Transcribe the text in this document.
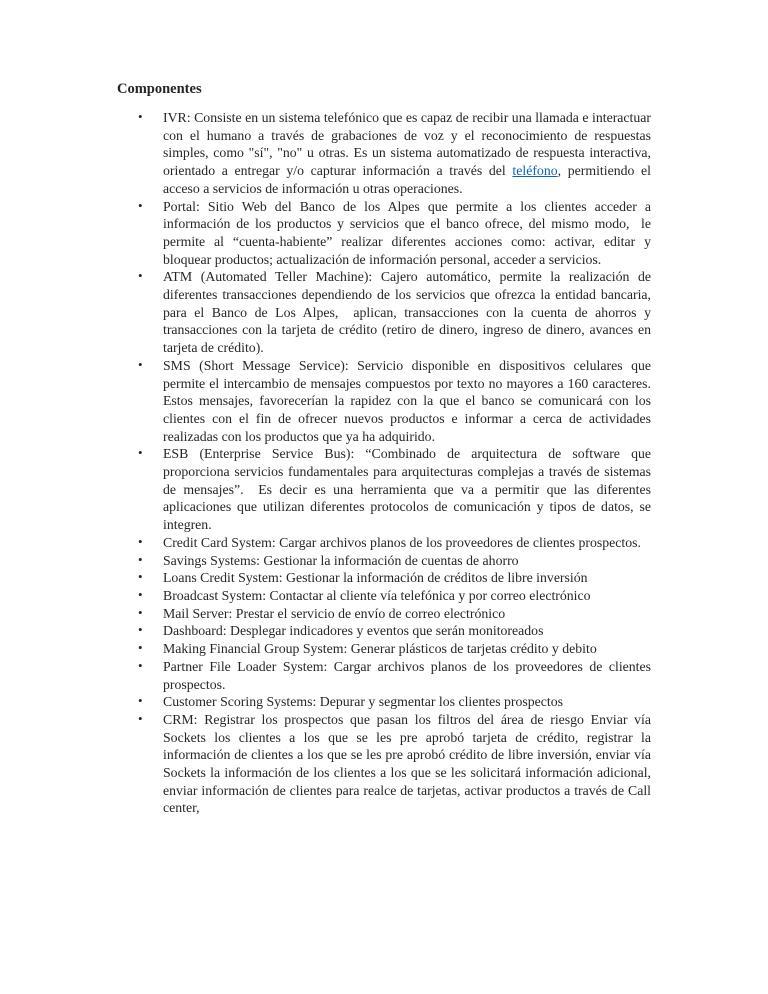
Componentes
• IVR: Consiste en un sistema telefónico que es capaz de recibir una llamada e interactuar con el humano a través de grabaciones de voz y el reconocimiento de respuestas simples, como "sí", "no" u otras. Es un sistema automatizado de respuesta interactiva, orientado a entregar y/o capturar información a través del teléfono, permitiendo el acceso a servicios de información u otras operaciones.
• Portal: Sitio Web del Banco de los Alpes que permite a los clientes acceder a información de los productos y servicios que el banco ofrece, del mismo modo,  le permite al “cuenta-habiente” realizar diferentes acciones como: activar, editar y bloquear productos; actualización de información personal, acceder a servicios.
• ATM (Automated Teller Machine): Cajero automático, permite la realización de diferentes transacciones dependiendo de los servicios que ofrezca la entidad bancaria, para el Banco de Los Alpes,  aplican, transacciones con la cuenta de ahorros y transacciones con la tarjeta de crédito (retiro de dinero, ingreso de dinero, avances en tarjeta de crédito).
• SMS (Short Message Service): Servicio disponible en dispositivos celulares que permite el intercambio de mensajes compuestos por texto no mayores a 160 caracteres. Estos mensajes, favorecerían la rapidez con la que el banco se comunicará con los clientes con el fin de ofrecer nuevos productos e informar a cerca de actividades realizadas con los productos que ya ha adquirido.
• ESB (Enterprise Service Bus): “Combinado de arquitectura de software que proporciona servicios fundamentales para arquitecturas complejas a través de sistemas de mensajes”.  Es decir es una herramienta que va a permitir que las diferentes aplicaciones que utilizan diferentes protocolos de comunicación y tipos de datos, se integren.
• Credit Card System: Cargar archivos planos de los proveedores de clientes prospectos.
• Savings Systems: Gestionar la información de cuentas de ahorro
• Loans Credit System: Gestionar la información de créditos de libre inversión
• Broadcast System: Contactar al cliente vía telefónica y por correo electrónico
• Mail Server: Prestar el servicio de envío de correo electrónico
• Dashboard: Desplegar indicadores y eventos que serán monitoreados
• Making Financial Group System: Generar plásticos de tarjetas crédito y debito
• Partner File Loader System: Cargar archivos planos de los proveedores de clientes prospectos.
• Customer Scoring Systems: Depurar y segmentar los clientes prospectos
• CRM: Registrar los prospectos que pasan los filtros del área de riesgo Enviar vía Sockets los clientes a los que se les pre aprobó tarjeta de crédito, registrar la información de clientes a los que se les pre aprobó crédito de libre inversión, enviar vía Sockets la información de los clientes a los que se les solicitará información adicional, enviar información de clientes para realce de tarjetas, activar productos a través de Call center,
